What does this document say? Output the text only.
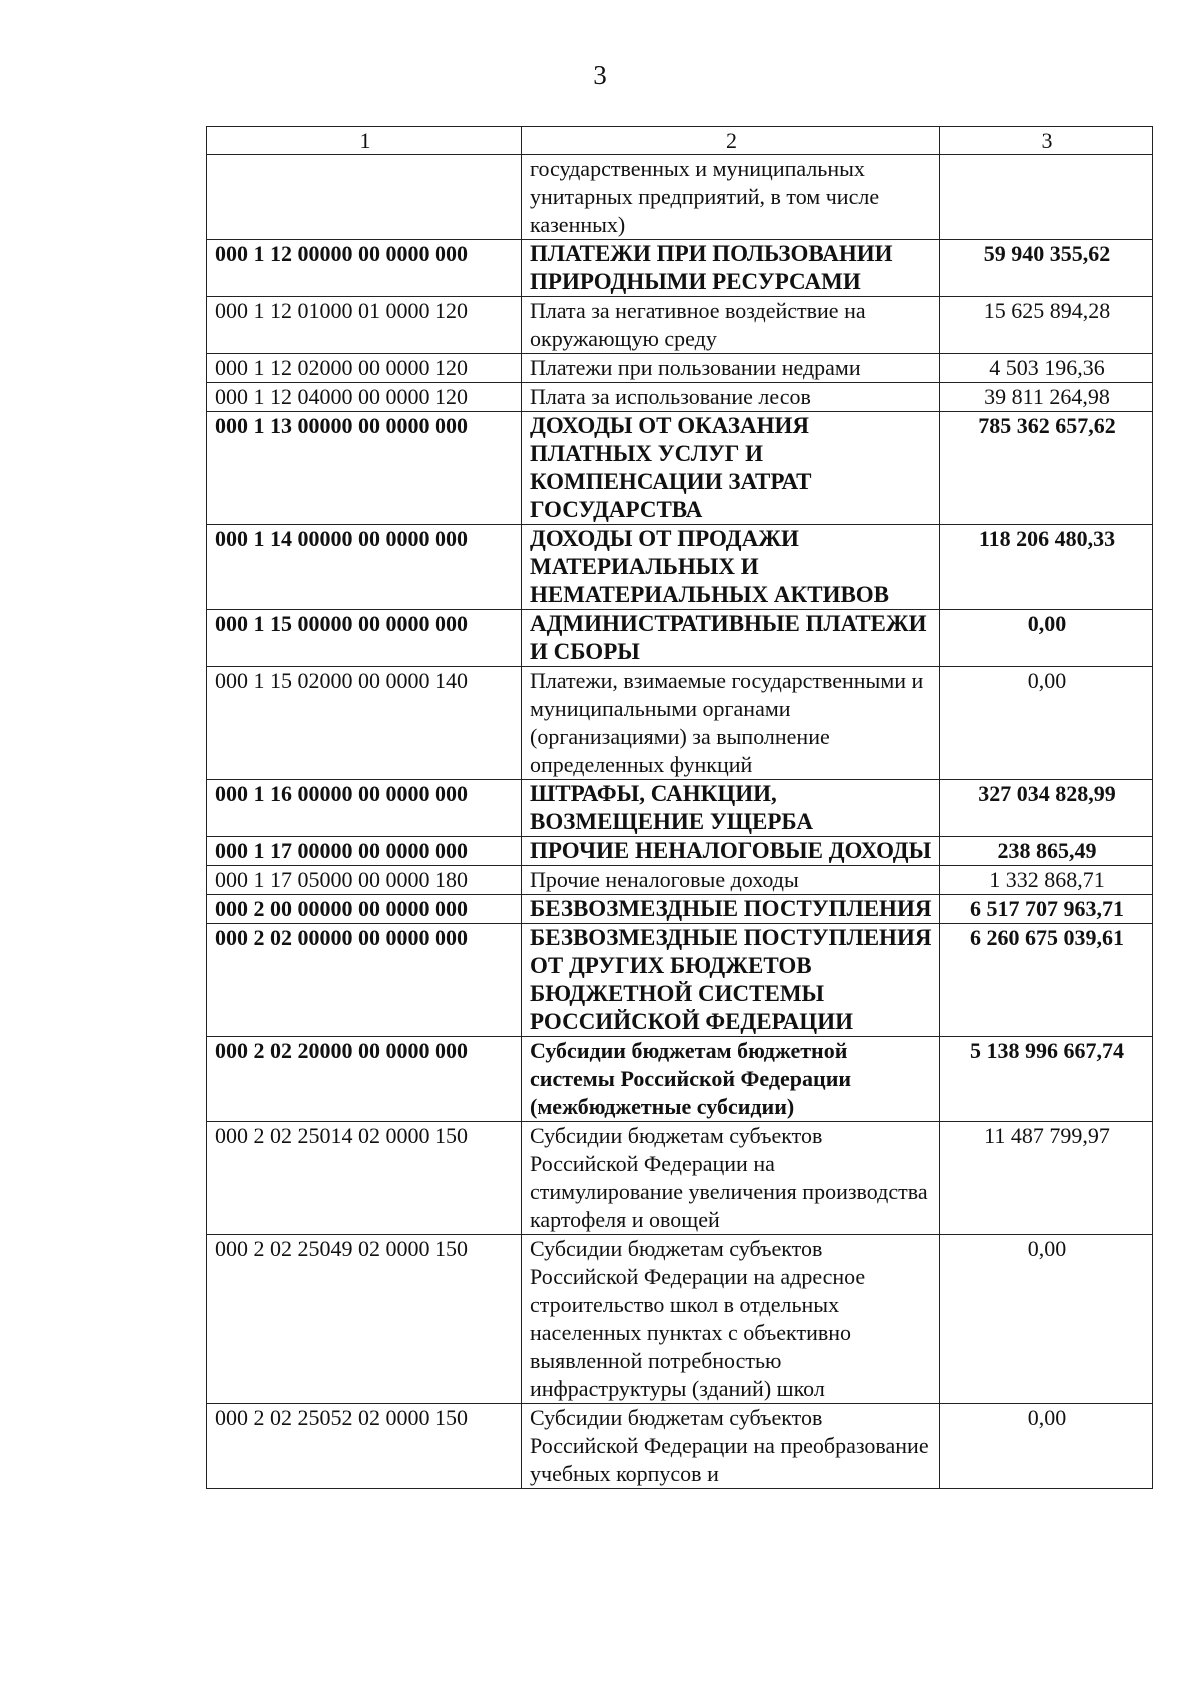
3
1	2	3
	государственных и муниципальных унитарных предприятий, в том числе казенных)	
000 1 12 00000 00 0000 000	ПЛАТЕЖИ ПРИ ПОЛЬЗОВАНИИ ПРИРОДНЫМИ РЕСУРСАМИ	59 940 355,62
000 1 12 01000 01 0000 120	Плата за негативное воздействие на окружающую среду	15 625 894,28
000 1 12 02000 00 0000 120	Платежи при пользовании недрами	4 503 196,36
000 1 12 04000 00 0000 120	Плата за использование лесов	39 811 264,98
000 1 13 00000 00 0000 000	ДОХОДЫ ОТ ОКАЗАНИЯ ПЛАТНЫХ УСЛУГ И КОМПЕНСАЦИИ ЗАТРАТ ГОСУДАРСТВА	785 362 657,62
000 1 14 00000 00 0000 000	ДОХОДЫ ОТ ПРОДАЖИ МАТЕРИАЛЬНЫХ И НЕМАТЕРИАЛЬНЫХ АКТИВОВ	118 206 480,33
000 1 15 00000 00 0000 000	АДМИНИСТРАТИВНЫЕ ПЛАТЕЖИ И СБОРЫ	0,00
000 1 15 02000 00 0000 140	Платежи, взимаемые государственными и муниципальными органами (организациями) за выполнение определенных функций	0,00
000 1 16 00000 00 0000 000	ШТРАФЫ, САНКЦИИ, ВОЗМЕЩЕНИЕ УЩЕРБА	327 034 828,99
000 1 17 00000 00 0000 000	ПРОЧИЕ НЕНАЛОГОВЫЕ ДОХОДЫ	238 865,49
000 1 17 05000 00 0000 180	Прочие неналоговые доходы	1 332 868,71
000 2 00 00000 00 0000 000	БЕЗВОЗМЕЗДНЫЕ ПОСТУПЛЕНИЯ	6 517 707 963,71
000 2 02 00000 00 0000 000	БЕЗВОЗМЕЗДНЫЕ ПОСТУПЛЕНИЯ ОТ ДРУГИХ БЮДЖЕТОВ БЮДЖЕТНОЙ СИСТЕМЫ РОССИЙСКОЙ ФЕДЕРАЦИИ	6 260 675 039,61
000 2 02 20000 00 0000 000	Субсидии бюджетам бюджетной системы Российской Федерации (межбюджетные субсидии)	5 138 996 667,74
000 2 02 25014 02 0000 150	Субсидии бюджетам субъектов Российской Федерации на стимулирование увеличения производства картофеля и овощей	11 487 799,97
000 2 02 25049 02 0000 150	Субсидии бюджетам субъектов Российской Федерации на адресное строительство школ в отдельных населенных пунктах с объективно выявленной потребностью инфраструктуры (зданий) школ	0,00
000 2 02 25052 02 0000 150	Субсидии бюджетам субъектов Российской Федерации на преобразование учебных корпусов и	0,00
